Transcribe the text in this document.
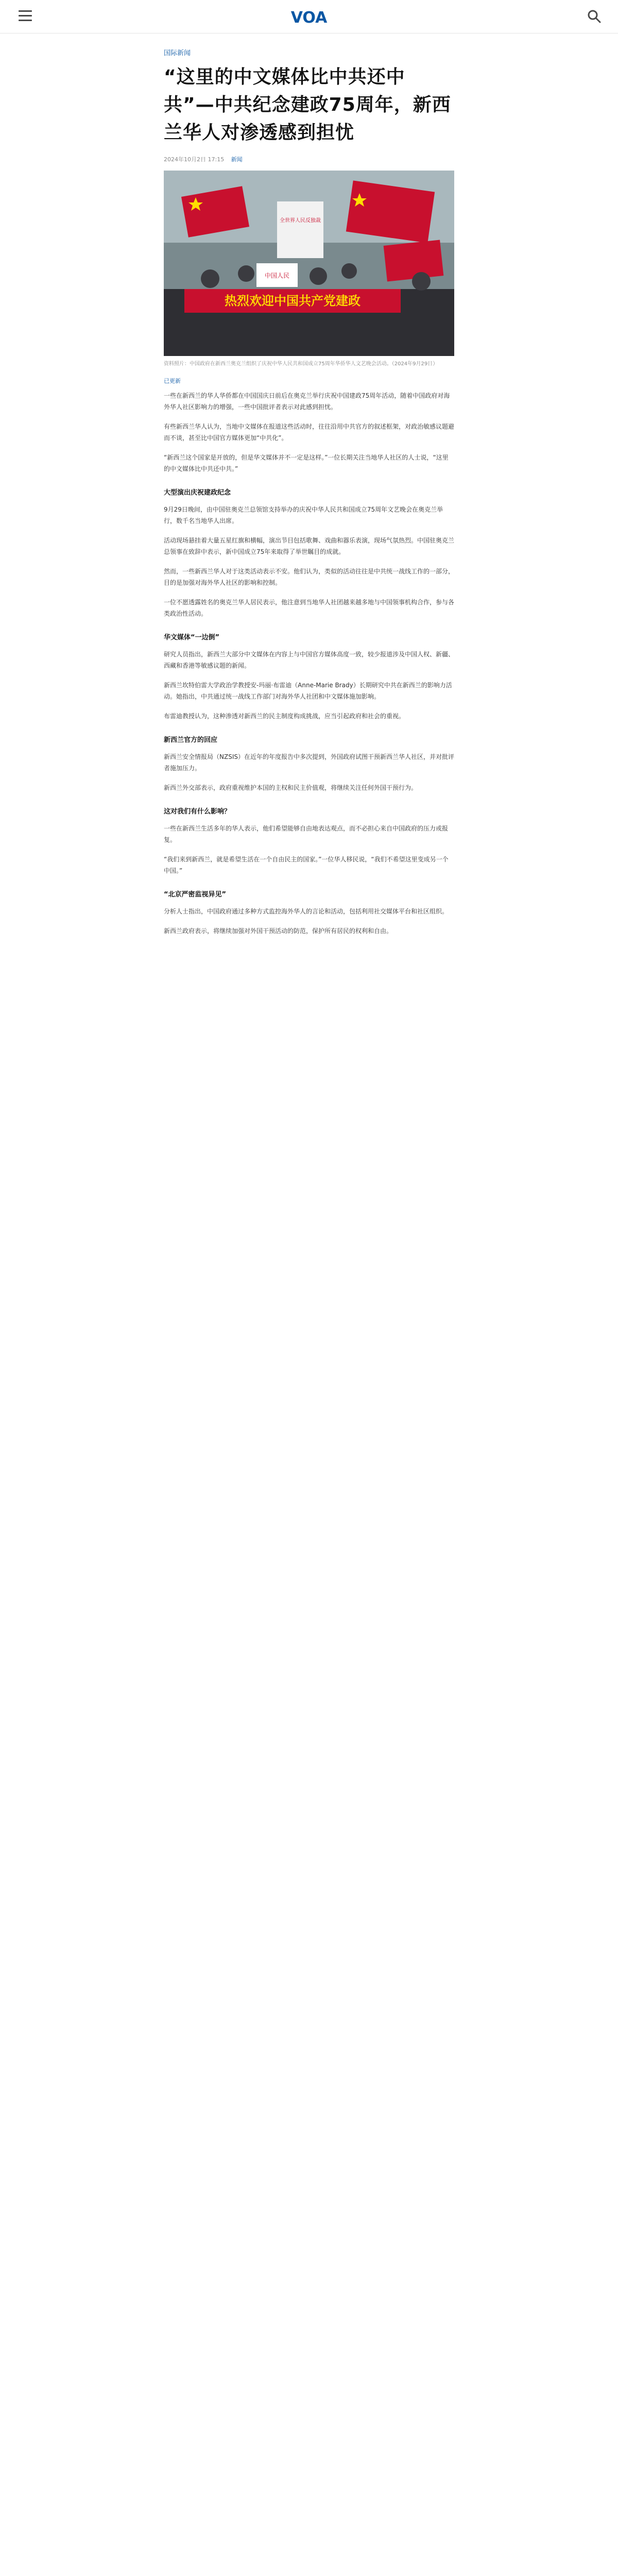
VOA
国际新闻
“这里的中文媒体比中共还中共”—中共纪念建政75周年，新西兰华人对渗透感到担忧
2024年10月2日 17:15 新闻
全世界人民反独裁
热烈欢迎中国共产党建政
中国人民
资料照片：中国政府在新西兰奥克兰组织了庆祝中华人民共和国成立75周年华侨华人文艺晚会活动。（2024年9月29日）
已更新

一些在新西兰的华人华侨都在中国国庆日前后在奥克兰举行庆祝中国建政75周年活动，随着中国政府对海外华人社区影响力的增强，一些中国批评者表示对此感到担忧。

有些新西兰华人认为，当地中文媒体在报道这些活动时，往往沿用中共官方的叙述框架，对政治敏感议题避而不谈，甚至比中国官方媒体更加“中共化”。

“新西兰这个国家是开放的，但是华文媒体并不一定是这样。”一位长期关注当地华人社区的人士说，“这里的中文媒体比中共还中共。”

大型演出庆祝建政纪念

9月29日晚间，由中国驻奥克兰总领馆支持举办的庆祝中华人民共和国成立75周年文艺晚会在奥克兰举行，数千名当地华人出席。

活动现场悬挂着大量五星红旗和横幅，演出节目包括歌舞、戏曲和器乐表演，现场气氛热烈。中国驻奥克兰总领事在致辞中表示，新中国成立75年来取得了举世瞩目的成就。

然而，一些新西兰华人对于这类活动表示不安。他们认为，类似的活动往往是中共统一战线工作的一部分，目的是加强对海外华人社区的影响和控制。

一位不愿透露姓名的奥克兰华人居民表示，他注意到当地华人社团越来越多地与中国领事机构合作，参与各类政治性活动。

华文媒体“一边倒”

研究人员指出，新西兰大部分中文媒体在内容上与中国官方媒体高度一致，较少报道涉及中国人权、新疆、西藏和香港等敏感议题的新闻。

新西兰坎特伯雷大学政治学教授安-玛丽·布雷迪（Anne-Marie Brady）长期研究中共在新西兰的影响力活动。她指出，中共通过统一战线工作部门对海外华人社团和中文媒体施加影响。

布雷迪教授认为，这种渗透对新西兰的民主制度构成挑战，应当引起政府和社会的重视。

新西兰官方的回应

新西兰安全情报局（NZSIS）在近年的年度报告中多次提到，外国政府试图干预新西兰华人社区，并对批评者施加压力。

新西兰外交部表示，政府重视维护本国的主权和民主价值观，将继续关注任何外国干预行为。

这对我们有什么影响？

一些在新西兰生活多年的华人表示，他们希望能够自由地表达观点，而不必担心来自中国政府的压力或报复。

“我们来到新西兰，就是希望生活在一个自由民主的国家。”一位华人移民说，“我们不希望这里变成另一个中国。”

“北京严密监视异见”

分析人士指出，中国政府通过多种方式监控海外华人的言论和活动，包括利用社交媒体平台和社区组织。

新西兰政府表示，将继续加强对外国干预活动的防范，保护所有居民的权利和自由。
